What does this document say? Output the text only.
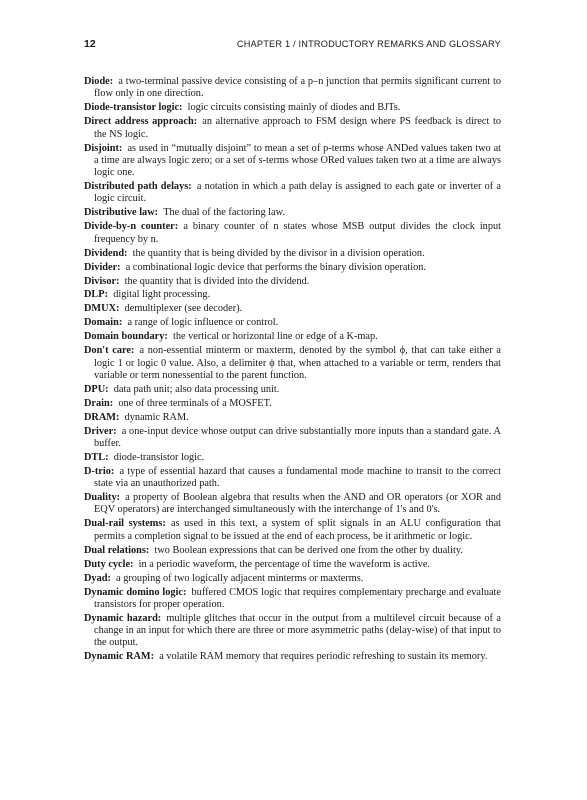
12	CHAPTER 1 / INTRODUCTORY REMARKS AND GLOSSARY

Diode: a two-terminal passive device consisting of a p–n junction that permits significant current to flow only in one direction.

Diode-transistor logic: logic circuits consisting mainly of diodes and BJTs.

Direct address approach: an alternative approach to FSM design where PS feedback is direct to the NS logic.

Disjoint: as used in “mutually disjoint” to mean a set of p-terms whose ANDed values taken two at a time are always logic zero; or a set of s-terms whose ORed values taken two at a time are always logic one.

Distributed path delays: a notation in which a path delay is assigned to each gate or inverter of a logic circuit.

Distributive law: The dual of the factoring law.

Divide-by-n counter: a binary counter of n states whose MSB output divides the clock input frequency by n.

Dividend: the quantity that is being divided by the divisor in a division operation.

Divider: a combinational logic device that performs the binary division operation.

Divisor: the quantity that is divided into the dividend.

DLP: digital light processing.

DMUX: demultiplexer (see decoder).

Domain: a range of logic influence or control.

Domain boundary: the vertical or horizontal line or edge of a K-map.

Don't care: a non-essential minterm or maxterm, denoted by the symbol ϕ, that can take either a logic 1 or logic 0 value. Also, a delimiter ϕ that, when attached to a variable or term, renders that variable or term nonessential to the parent function.

DPU: data path unit; also data processing unit.

Drain: one of three terminals of a MOSFET.

DRAM: dynamic RAM.

Driver: a one-input device whose output can drive substantially more inputs than a standard gate. A buffer.

DTL: diode-transistor logic.

D-trio: a type of essential hazard that causes a fundamental mode machine to transit to the correct state via an unauthorized path.

Duality: a property of Boolean algebra that results when the AND and OR operators (or XOR and EQV operators) are interchanged simultaneously with the interchange of 1's and 0's.

Dual-rail systems: as used in this text, a system of split signals in an ALU configuration that permits a completion signal to be issued at the end of each process, be it arithmetic or logic.

Dual relations: two Boolean expressions that can be derived one from the other by duality.

Duty cycle: in a periodic waveform, the percentage of time the waveform is active.

Dyad: a grouping of two logically adjacent minterms or maxterms.

Dynamic domino logic: buffered CMOS logic that requires complementary precharge and evaluate transistors for proper operation.

Dynamic hazard: multiple glitches that occur in the output from a multilevel circuit because of a change in an input for which there are three or more asymmetric paths (delay-wise) of that input to the output.

Dynamic RAM: a volatile RAM memory that requires periodic refreshing to sustain its memory.
